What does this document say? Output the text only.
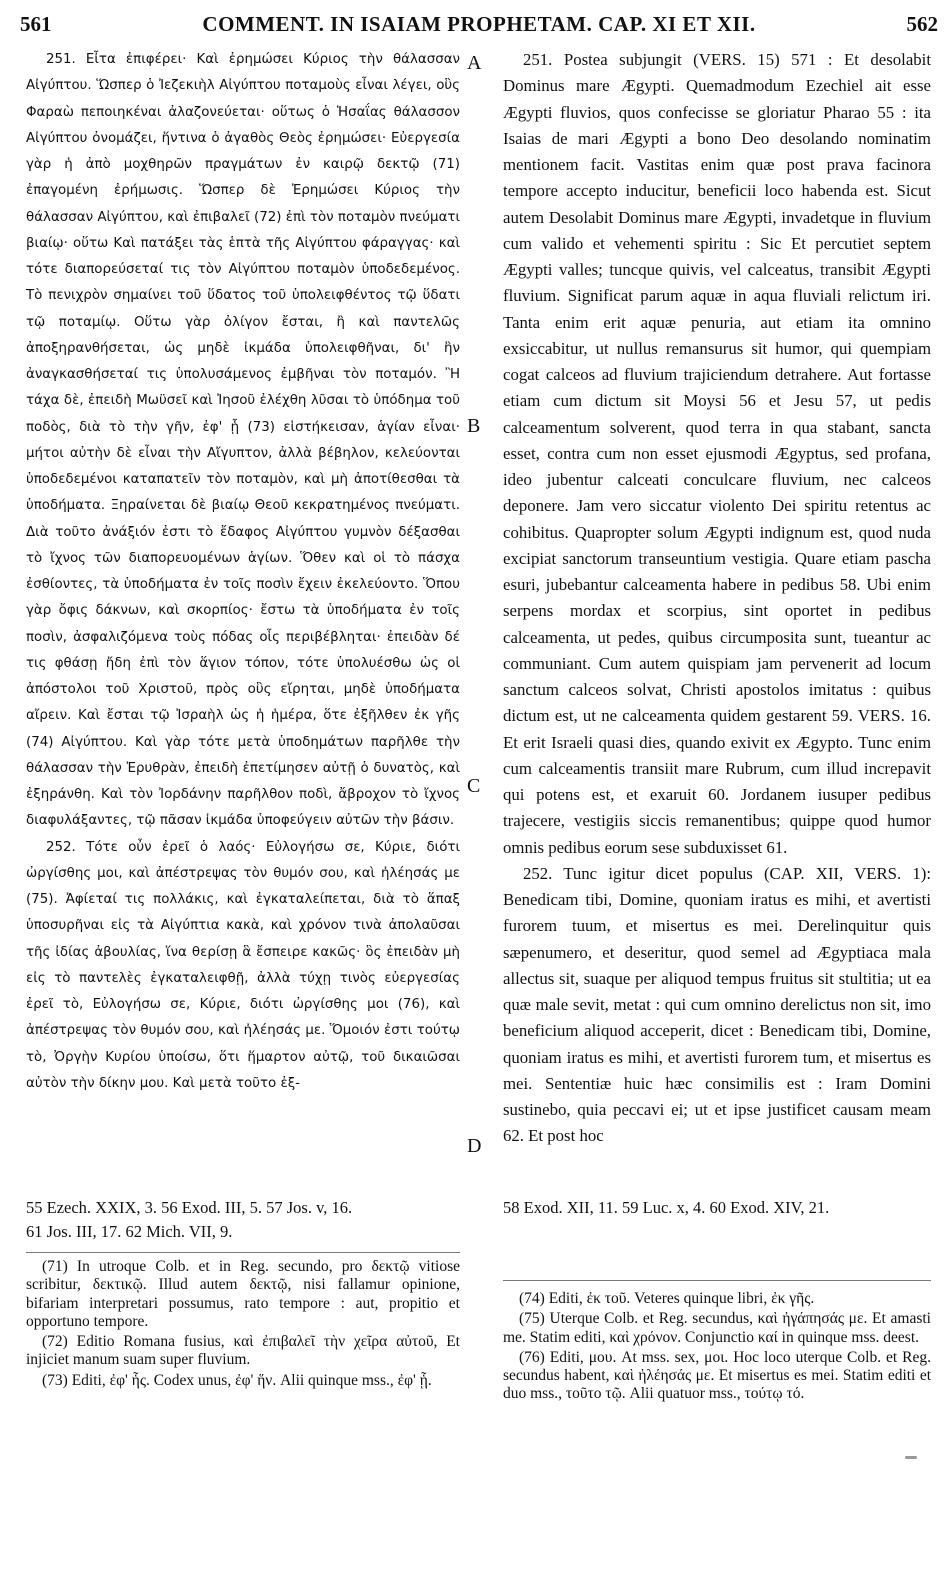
561	COMMENT. IN ISAIAM PROPHETAM. CAP. XI ET XII.	562

251. Εἶτα ἐπιφέρει· Καὶ ἐρημώσει Κύριος τὴν θάλασσαν Αἰγύπτου. Ὥσπερ ὁ Ἰεζεκιὴλ Αἰγύπτου ποταμοὺς εἶναι λέγει, οὓς Φαραὼ πεποιηκέναι ἀλαζονεύεται· οὕτως ὁ Ἡσαΐας θάλασσον Αἰγύπτου ὀνομάζει, ἥντινα ὁ ἀγαθὸς Θεὸς ἐρημώσει· Εὐεργεσία γὰρ ἡ ἀπὸ μοχθηρῶν πραγμάτων ἐν καιρῷ δεκτῷ (71) ἐπαγομένη ἐρήμωσις. Ὥσπερ δὲ Ἐρημώσει Κύριος τὴν θάλασσαν Αἰγύπτου, καὶ ἐπιβαλεῖ (72) ἐπὶ τὸν ποταμὸν πνεύματι βιαίῳ· οὕτω Καὶ πατάξει τὰς ἑπτὰ τῆς Αἰγύπτου φάραγγας· καὶ τότε διαπορεύσεταί τις τὸν Αἰγύπτου ποταμὸν ὑποδεδεμένος. Τὸ πενιχρὸν σημαίνει τοῦ ὕδατος τοῦ ὑπολειφθέντος τῷ ὕδατι τῷ ποταμίῳ. Οὕτω γὰρ ὀλίγον ἔσται, ἢ καὶ παντελῶς ἀποξηρανθήσεται, ὡς μηδὲ ἰκμάδα ὑπολειφθῆναι, δι' ἣν ἀναγκασθήσεταί τις ὑπολυσάμενος ἐμβῆναι τὸν ποταμόν. Ἢ τάχα δὲ, ἐπειδὴ Μωϋσεῖ καὶ Ἰησοῦ ἐλέχθη λῦσαι τὸ ὑπόδημα τοῦ ποδὸς, διὰ τὸ τὴν γῆν, ἐφ' ᾗ (73) εἱστήκεισαν, ἁγίαν εἶναι· μήτοι αὐτὴν δὲ εἶναι τὴν Αἴγυπτον, ἀλλὰ βέβηλον, κελεύονται ὑποδεδεμένοι καταπατεῖν τὸν ποταμὸν, καὶ μὴ ἀποτίθεσθαι τὰ ὑποδήματα. Ξηραίνεται δὲ βιαίῳ Θεοῦ κεκρατημένος πνεύματι. Διὰ τοῦτο ἀνάξιόν ἐστι τὸ ἔδαφος Αἰγύπτου γυμνὸν δέξασθαι τὸ ἴχνος τῶν διαπορευομένων ἁγίων. Ὅθεν καὶ οἱ τὸ πάσχα ἐσθίοντες, τὰ ὑποδήματα ἐν τοῖς ποσὶν ἔχειν ἐκελεύοντο. Ὅπου γὰρ ὄφις δάκνων, καὶ σκορπίος· ἔστω τὰ ὑποδήματα ἐν τοῖς ποσὶν, ἀσφαλιζόμενα τοὺς πόδας οἷς περιβέβληται· ἐπειδὰν δέ τις φθάσῃ ἤδη ἐπὶ τὸν ἅγιον τόπον, τότε ὑπολυέσθω ὡς οἱ ἀπόστολοι τοῦ Χριστοῦ, πρὸς οὓς εἴρηται, μηδὲ ὑποδήματα αἴρειν. Καὶ ἔσται τῷ Ἰσραὴλ ὡς ἡ ἡμέρα, ὅτε ἐξῆλθεν ἐκ γῆς (74) Αἰγύπτου. Καὶ γὰρ τότε μετὰ ὑποδημάτων παρῆλθε τὴν θάλασσαν τὴν Ἐρυθρὰν, ἐπειδὴ ἐπετίμησεν αὐτῇ ὁ δυνατὸς, καὶ ἐξηράνθη. Καὶ τὸν Ἰορδάνην παρῆλθον ποδὶ, ἄβροχον τὸ ἴχνος διαφυλάξαντες, τῷ πᾶσαν ἰκμάδα ὑποφεύγειν αὐτῶν τὴν βάσιν.

252. Τότε οὖν ἐρεῖ ὁ λαός· Εὐλογήσω σε, Κύριε, διότι ὠργίσθης μοι, καὶ ἀπέστρεψας τὸν θυμόν σου, καὶ ἠλέησάς με (75). Ἀφίεταί τις πολλάκις, καὶ ἐγκαταλείπεται, διὰ τὸ ἅπαξ ὑποσυρῆναι εἰς τὰ Αἰγύπτια κακὰ, καὶ χρόνον τινὰ ἀπολαῦσαι τῆς ἰδίας ἀβουλίας, ἵνα θερίσῃ ἃ ἔσπειρε κακῶς· ὃς ἐπειδὰν μὴ εἰς τὸ παντελὲς ἐγκαταλειφθῇ, ἀλλὰ τύχῃ τινὸς εὐεργεσίας ἐρεῖ τὸ, Εὐλογήσω σε, Κύριε, διότι ὠργίσθης μοι (76), καὶ ἀπέστρεψας τὸν θυμόν σου, καὶ ἠλέησάς με. Ὅμοιόν ἐστι τούτῳ τὸ, Ὀργὴν Κυρίου ὑποίσω, ὅτι ἥμαρτον αὐτῷ, τοῦ δικαιῶσαι αὐτὸν τὴν δίκην μου. Καὶ μετὰ τοῦτο ἐξ-

A
B
C
D

251. Postea subjungit (VERS. 15) 571 : Et desolabit Dominus mare Ægypti. Quemadmodum Ezechiel ait esse Ægypti fluvios, quos confecisse se gloriatur Pharao 55 : ita Isaias de mari Ægypti a bono Deo desolando nominatim mentionem facit. Vastitas enim quæ post prava facinora tempore accepto inducitur, beneficii loco habenda est. Sicut autem Desolabit Dominus mare Ægypti, invadetque in fluvium cum valido et vehementi spiritu : Sic Et percutiet septem Ægypti valles; tuncque quivis, vel calceatus, transibit Ægypti fluvium. Significat parum aquæ in aqua fluviali relictum iri. Tanta enim erit aquæ penuria, aut etiam ita omnino exsiccabitur, ut nullus remansurus sit humor, qui quempiam cogat calceos ad fluvium trajiciendum detrahere. Aut fortasse etiam cum dictum sit Moysi 56 et Jesu 57, ut pedis calceamentum solverent, quod terra in qua stabant, sancta esset, contra cum non esset ejusmodi Ægyptus, sed profana, ideo jubentur calceati conculcare fluvium, nec calceos deponere. Jam vero siccatur violento Dei spiritu retentus ac cohibitus. Quapropter solum Ægypti indignum est, quod nuda excipiat sanctorum transeuntium vestigia. Quare etiam pascha esuri, jubebantur calceamenta habere in pedibus 58. Ubi enim serpens mordax et scorpius, sint oportet in pedibus calceamenta, ut pedes, quibus circumposita sunt, tueantur ac communiant. Cum autem quispiam jam pervenerit ad locum sanctum calceos solvat, Christi apostolos imitatus : quibus dictum est, ut ne calceamenta quidem gestarent 59. VERS. 16. Et erit Israeli quasi dies, quando exivit ex Ægypto. Tunc enim cum calceamentis transiit mare Rubrum, cum illud increpavit qui potens est, et exaruit 60. Jordanem iusuper pedibus trajecere, vestigiis siccis remanentibus; quippe quod humor omnis pedibus eorum sese subduxisset 61.

252. Tunc igitur dicet populus (CAP. XII, VERS. 1): Benedicam tibi, Domine, quoniam iratus es mihi, et avertisti furorem tuum, et misertus es mei. Derelinquitur quis sæpenumero, et deseritur, quod semel ad Ægyptiaca mala allectus sit, suaque per aliquod tempus fruitus sit stultitia; ut ea quæ male sevit, metat : qui cum omnino derelictus non sit, imo beneficium aliquod acceperit, dicet : Benedicam tibi, Domine, quoniam iratus es mihi, et avertisti furorem tum, et misertus es mei. Sententiæ huic hæc consimilis est : Iram Domini sustinebo, quia peccavi ei; ut et ipse justificet causam meam 62. Et post hoc

55 Ezech. XXIX, 3. 56 Exod. III, 5. 57 Jos. v, 16.
61 Jos. III, 17. 62 Mich. VII, 9.
58 Exod. XII, 11. 59 Luc. x, 4. 60 Exod. XIV, 21.

(71) In utroque Colb. et in Reg. secundo, pro δεκτῷ vitiose scribitur, δεκτικῷ. Illud autem δεκτῷ, nisi fallamur opinione, bifariam interpretari possumus, rato tempore : aut, propitio et opportuno tempore.

(72) Editio Romana fusius, καὶ ἐπιβαλεῖ τὴν χεῖρα αὐτοῦ, Et injiciet manum suam super fluvium.

(73) Editi, ἐφ' ἧς. Codex unus, ἐφ' ἥν. Alii quinque mss., ἐφ' ᾗ.

(74) Editi, ἐκ τοῦ. Veteres quinque libri, ἐκ γῆς.

(75) Uterque Colb. et Reg. secundus, καὶ ἠγάπησάς με. Et amasti me. Statim editi, καὶ χρόνον. Conjunctio καί in quinque mss. deest.

(76) Editi, μου. At mss. sex, μοι. Hoc loco uterque Colb. et Reg. secundus habent, καὶ ἠλέησάς με. Et misertus es mei. Statim editi et duo mss., τοῦτο τῷ. Alii quatuor mss., τούτῳ τό.
